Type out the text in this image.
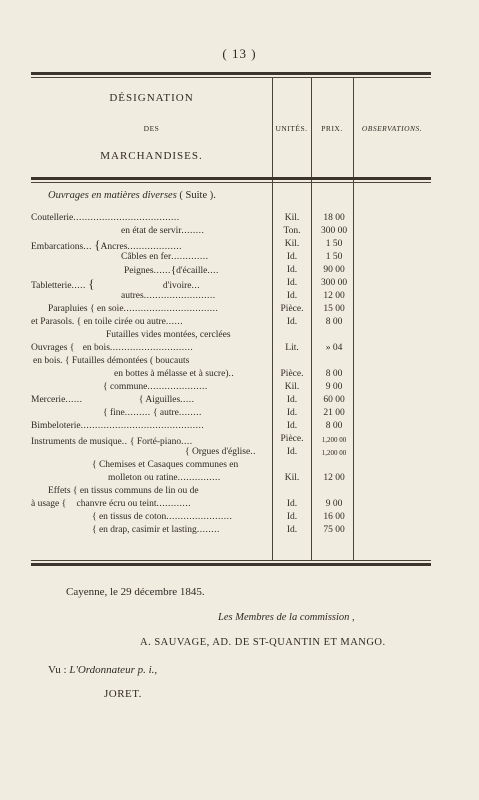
( 13 )
DÉSIGNATION
DES
MARCHANDISES.
UNITÉS.	PRIX.	OBSERVATIONS.
Ouvrages en matières diverses ( Suite ).
Coutellerie.....................................	Kil.	18 00
en état de servir........	Ton.	300 00
Embarcations... {Ancres...................	Kil.	1 50
Câbles en fer.............	Id.	1 50
Peignes......{d'écaille....	Id.	90 00
Tabletterie..... {	d'ivoire...	Id.	300 00
autres.........................	Id.	12 00
Parapluies { en soie.................................	Pièce.	15 00
et Parasols. { en toile cirée ou autre......	Id.	8 00
Futailles vides montées, cerclées
Ouvrages { en bois.............................	Lit.	» 04
en bois. { Futailles démontées ( boucauts
en bottes à mélasse et à sucre)..	Pièce.	8 00
{ commune.....................	Kil.	9 00
Mercerie......	{ Aiguilles.....	Id.	60 00
{ fine......... { autre........	Id.	21 00
Bimbeloterie...........................................	Id.	8 00
Instruments de musique.. { Forté-piano....	Pièce.	1,200 00
{ Orgues d'église..	Id.	1,200 00
{ Chemises et Casaques communes en
molleton ou ratine...............	Kil.	12 00
Effets { en tissus communs de lin ou de
à usage { chanvre écru ou teint............	Id.	9 00
{ en tissus de coton.......................	Id.	16 00
{ en drap, casimir et lasting........	Id.	75 00
Cayenne, le 29 décembre 1845.
Les Membres de la commission ,
A. SAUVAGE, AD. DE ST-QUANTIN ET MANGO.
Vu : L'Ordonnateur p. i.,
JORET.
